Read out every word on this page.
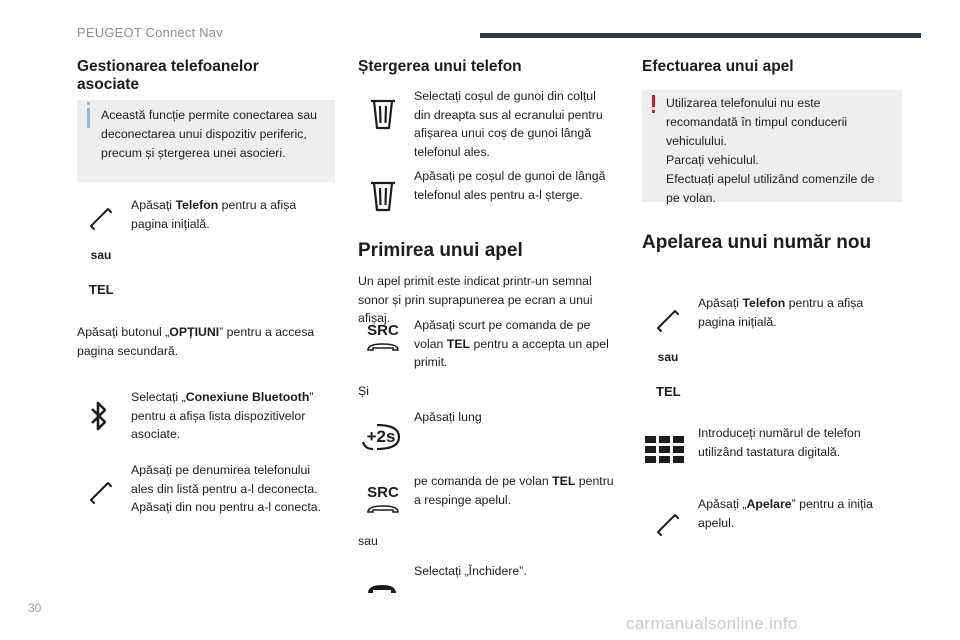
PEUGEOT Connect Nav
Gestionarea telefoanelor asociate
Această funcție permite conectarea sau deconectarea unui dispozitiv periferic, precum și ștergerea unei asocieri.
Apăsați Telefon pentru a afișa pagina inițială.
sau
TEL
Apăsați butonul „OPȚIUNI” pentru a accesa pagina secundară.
Selectați „Conexiune Bluetooth” pentru a afișa lista dispozitivelor asociate.
Apăsați pe denumirea telefonului ales din listă pentru a-l deconecta. Apăsați din nou pentru a-l conecta.
Ștergerea unui telefon
Selectați coșul de gunoi din colțul din dreapta sus al ecranului pentru afișarea unui coș de gunoi lângă telefonul ales.
Apăsați pe coșul de gunoi de lângă telefonul ales pentru a-l șterge.
Primirea unui apel
Un apel primit este indicat printr-un semnal sonor și prin suprapunerea pe ecran a unui afișaj.
SRC Apăsați scurt pe comanda de pe volan TEL pentru a accepta un apel primit.
Și
+2s
Apăsați lung
SRC
pe comanda de pe volan TEL pentru a respinge apelul.
sau
Selectați „Închidere”.
Efectuarea unui apel
Utilizarea telefonului nu este recomandată în timpul conducerii vehiculului.
Parcați vehiculul.
Efectuați apelul utilizând comenzile de pe volan.
Apelarea unui număr nou
Apăsați Telefon pentru a afișa pagina inițială.
sau
TEL
Introduceți numărul de telefon utilizând tastatura digitală.
Apăsați „Apelare” pentru a iniția apelul.
30
carmanualsonline.info
